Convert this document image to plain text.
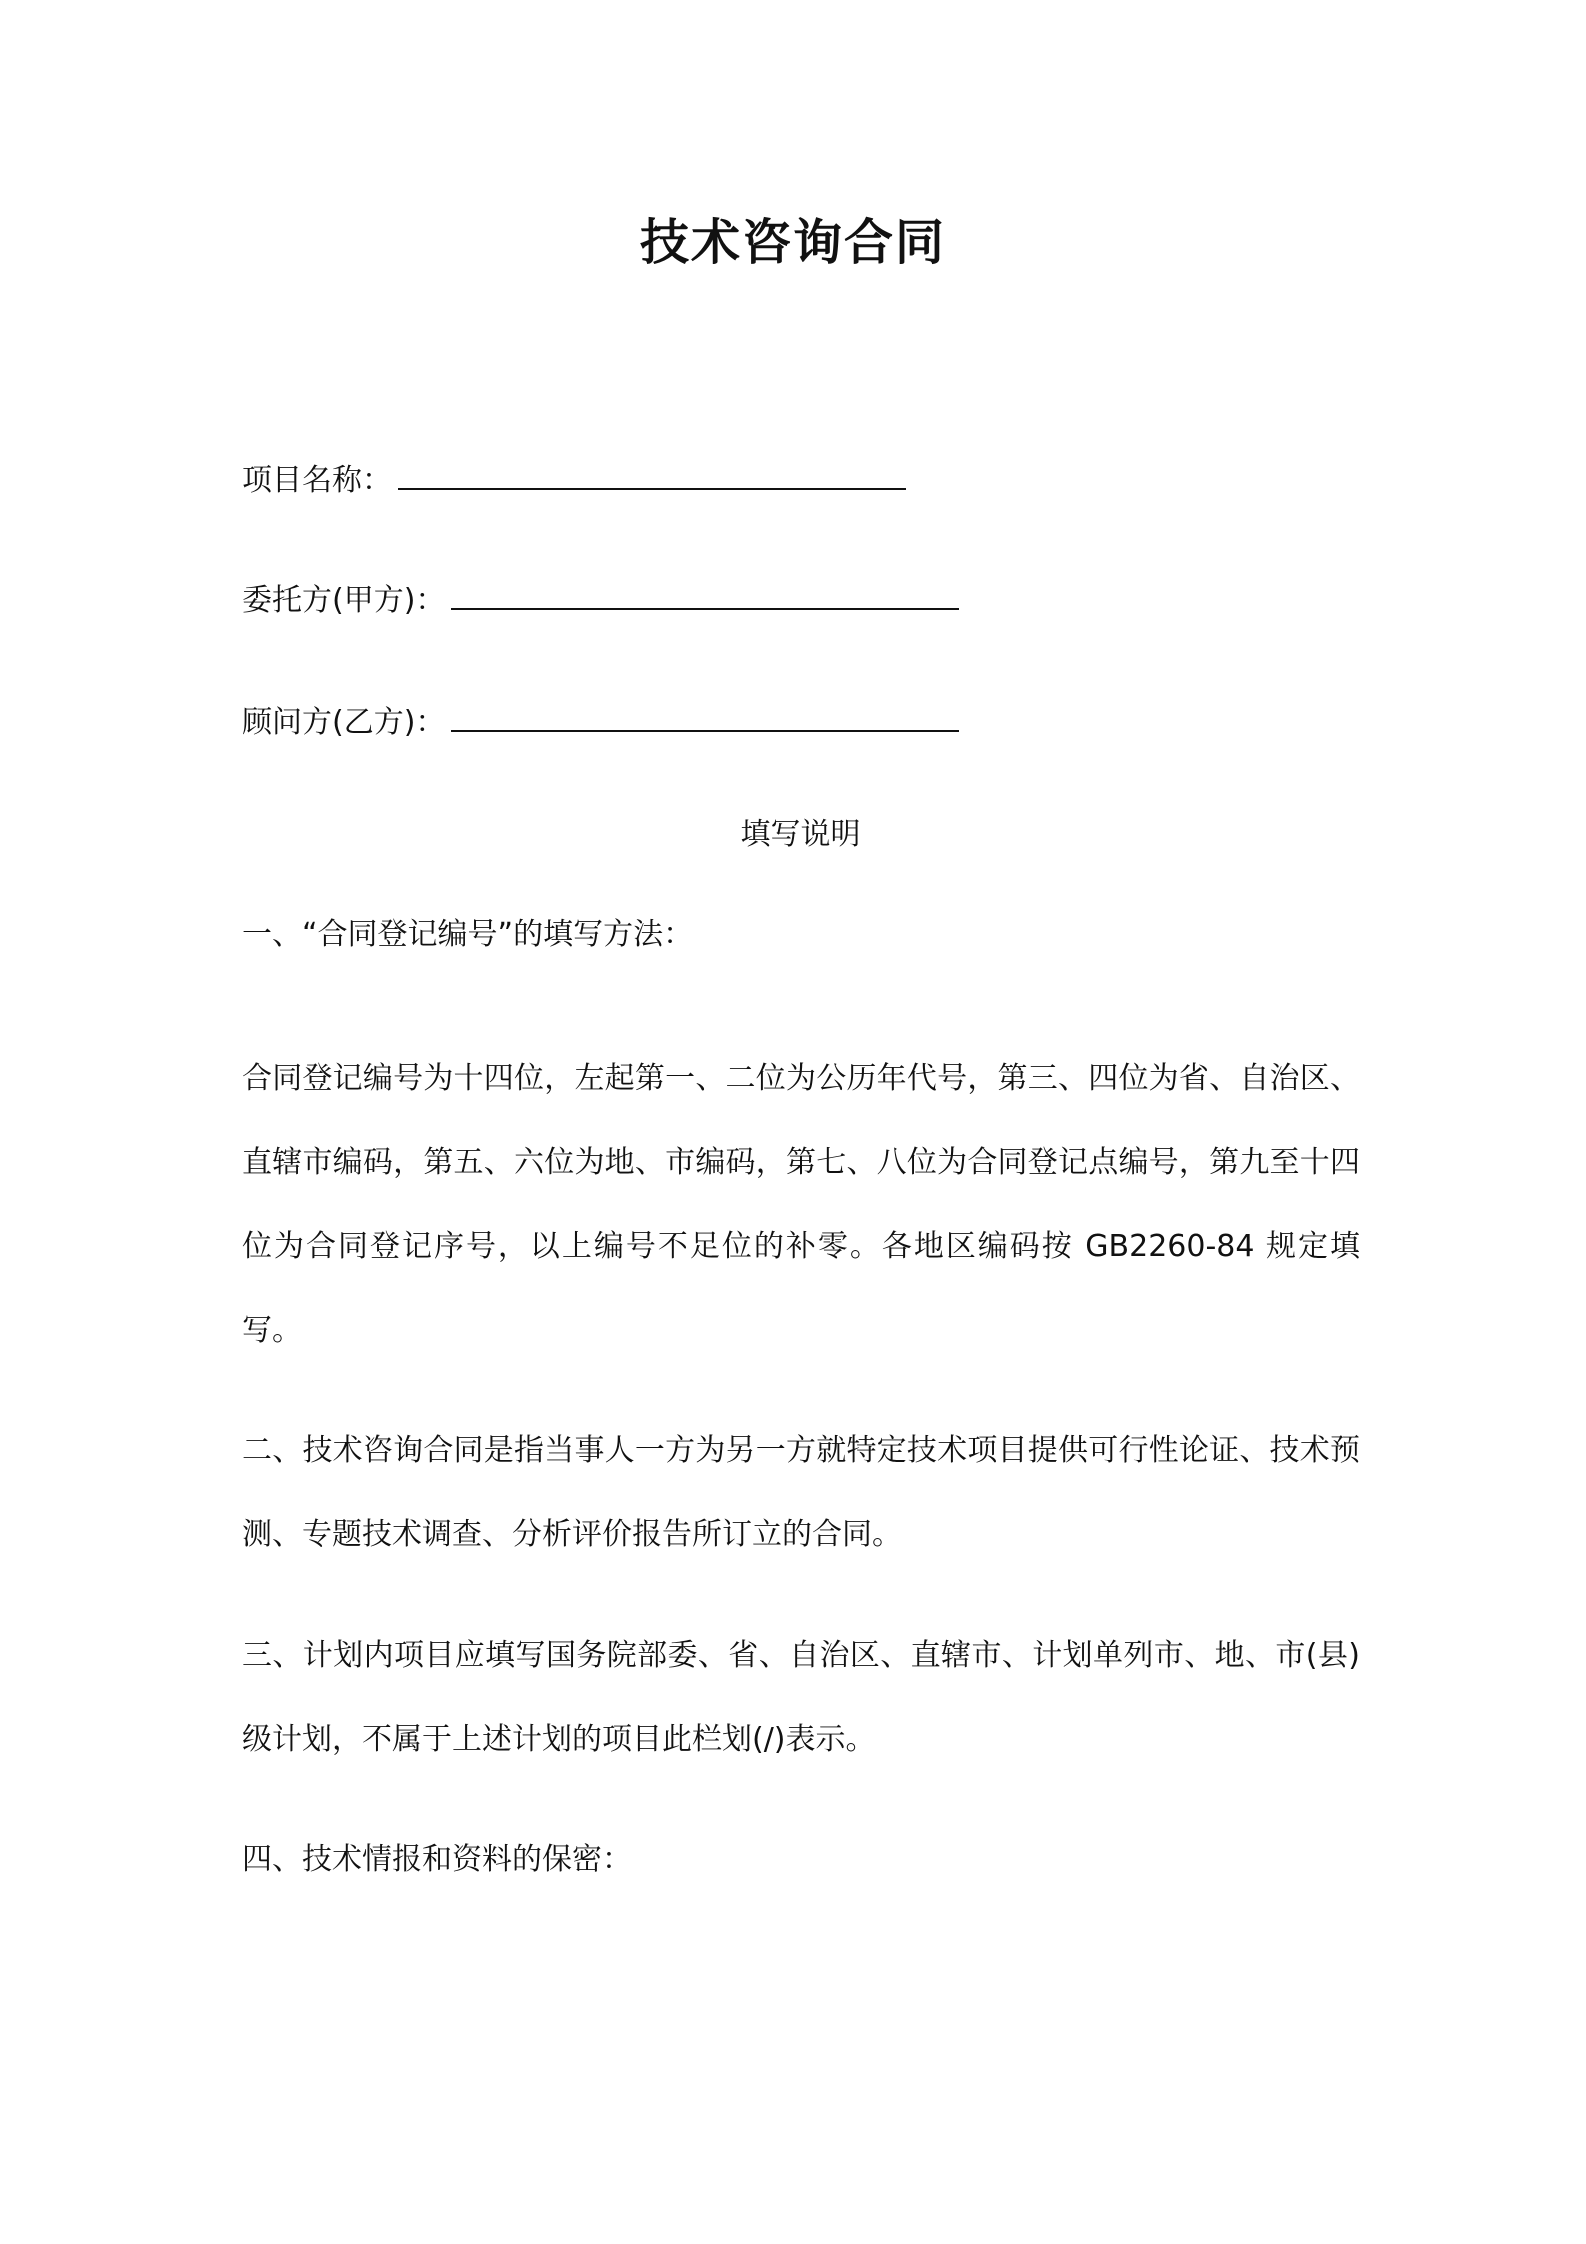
技术咨询合同
项目名称：
委托方(甲方)：
顾问方(乙方)：
填写说明
一、“合同登记编号”的填写方法：
合同登记编号为十四位，左起第一、二位为公历年代号，第三、四位为省、自治区、直辖市编码，第五、六位为地、市编码，第七、八位为合同登记点编号，第九至十四位为合同登记序号，以上编号不足位的补零。各地区编码按 GB2260-84 规定填写。
二、技术咨询合同是指当事人一方为另一方就特定技术项目提供可行性论证、技术预测、专题技术调查、分析评价报告所订立的合同。
三、计划内项目应填写国务院部委、省、自治区、直辖市、计划单列市、地、市(县)级计划，不属于上述计划的项目此栏划(/)表示。
四、技术情报和资料的保密：
